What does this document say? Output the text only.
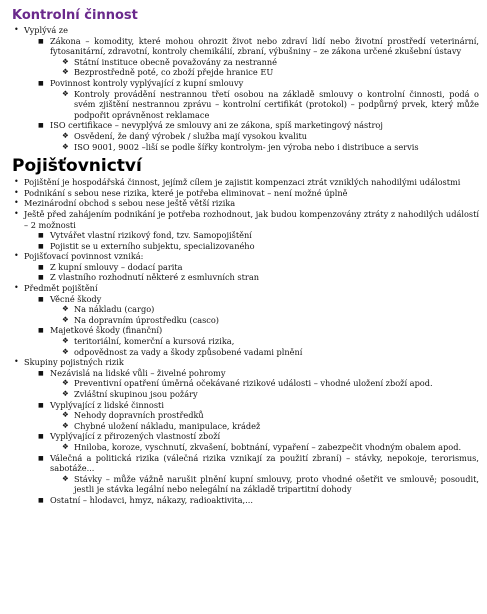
Kontrolní činnost
• Vyplývá ze
■ Zákona – komodity, které mohou ohrozit život nebo zdraví lidí nebo životní prostředí veterinární, fytosanitární, zdravotní, kontroly chemikálií, zbraní, výbušniny – ze zákona určené zkušební ústavy
❖ Státní instituce obecně považovány za nestranné
❖ Bezprostředně poté, co zboží přejde hranice EU
■ Povinnost kontroly vyplývající z kupní smlouvy
❖ Kontroly provádění nestrannou třetí osobou na základě smlouvy o kontrolní činnosti, podá o svém zjištění nestrannou zprávu – kontrolní certifikát (protokol) – podpůrný prvek, který může podpořit oprávněnost reklamace
■ ISO certifikace – nevyplývá ze smlouvy ani ze zákona, spíš marketingový nástroj
❖ Osvědení, že daný výrobek / služba mají vysokou kvalitu
❖ ISO 9001, 9002 –liší se podle šířky kontrolym- jen výroba nebo i distribuce a servis
Pojišťovnictví
• Pojištění je hospodářská činnost, jejímž cílem je zajistit kompenzaci ztrát vzniklých nahodilými událostmi
• Podnikání s sebou nese rizika, které je potřeba eliminovat – není možné úplně
• Mezinárodní obchod s sebou nese ještě větší rizika
• Ještě před zahájením podnikání je potřeba rozhodnout, jak budou kompenzovány ztráty z nahodilých událostí – 2 možnosti
■ Vytvářet vlastní rizikový fond, tzv. Samopojištění
■ Pojistit se u externího subjektu, specializovaného
• Pojišťovací povinnost vzniká:
■ Z kupní smlouvy – dodací parita
■ Z vlastního rozhodnutí některé z esmluvních stran
• Předmět pojištění
■ Věcné škody
❖ Na nákladu (cargo)
❖ Na dopravním úprostředku (casco)
■ Majetkové škody (finanční)
❖ teritoriální, komerční a kursová rizika,
❖ odpovědnost za vady a škody způsobené vadami plnění
• Skupiny pojistných rizik
■ Nezávislá na lidské vůli – živelné pohromy
❖ Preventivní opatření úměrná očekávané rizikové události – vhodné uložení zboží apod.
❖ Zvláštní skupinou jsou požáry
■ Vyplývající z lidské činnosti
❖ Nehody dopravních prostředků
❖ Chybné uložení nákladu, manipulace, krádež
■ Vyplývající z přirozených vlastností zboží
❖ Hniloba, koroze, vyschnutí, zkvašení, bobtnání, vypaření – zabezpečit vhodným obalem apod.
■ Válečná a politická rizika (válečná rizika vznikají za použití zbraní) – stávky, nepokoje, terorismus, sabotáže...
❖ Stávky – může vážně narušit plnění kupní smlouvy, proto vhodné ošetřit ve smlouvě; posoudit, jestli je stávka legální nebo nelegální na základě tripartitní dohody
■ Ostatní – hlodavci, hmyz, nákazy, radioaktivita,...
